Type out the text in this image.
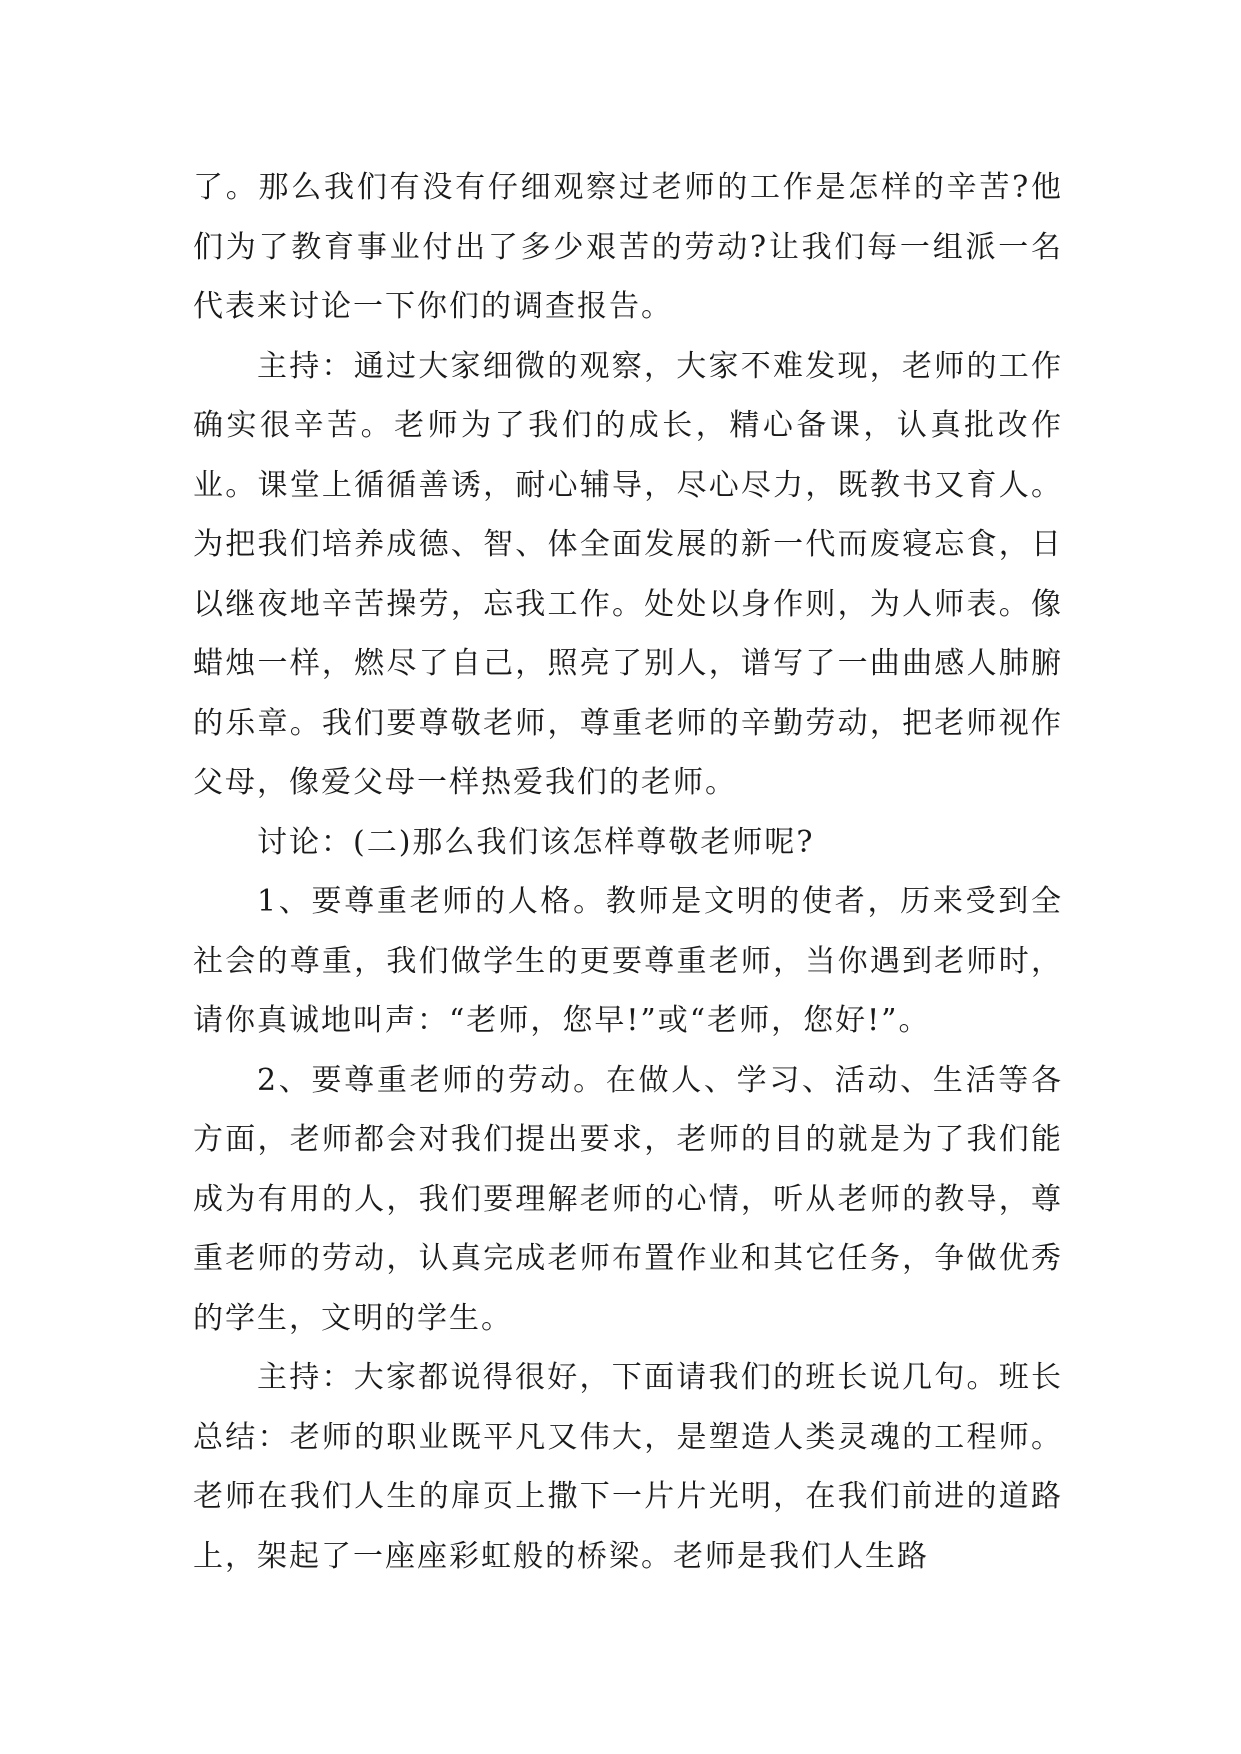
了。那么我们有没有仔细观察过老师的工作是怎样的辛苦?他们为了教育事业付出了多少艰苦的劳动?让我们每一组派一名代表来讨论一下你们的调查报告。

主持：通过大家细微的观察，大家不难发现，老师的工作确实很辛苦。老师为了我们的成长，精心备课，认真批改作业。课堂上循循善诱，耐心辅导，尽心尽力，既教书又育人。为把我们培养成德、智、体全面发展的新一代而废寝忘食，日以继夜地辛苦操劳，忘我工作。处处以身作则，为人师表。像蜡烛一样，燃尽了自己，照亮了别人，谱写了一曲曲感人肺腑的乐章。我们要尊敬老师，尊重老师的辛勤劳动，把老师视作父母，像爱父母一样热爱我们的老师。

讨论：(二)那么我们该怎样尊敬老师呢?

1、要尊重老师的人格。教师是文明的使者，历来受到全社会的尊重，我们做学生的更要尊重老师，当你遇到老师时，请你真诚地叫声：“老师，您早!”或“老师，您好!”。

2、要尊重老师的劳动。在做人、学习、活动、生活等各方面，老师都会对我们提出要求，老师的目的就是为了我们能成为有用的人，我们要理解老师的心情，听从老师的教导，尊重老师的劳动，认真完成老师布置作业和其它任务，争做优秀的学生，文明的学生。

主持：大家都说得很好，下面请我们的班长说几句。班长总结：老师的职业既平凡又伟大，是塑造人类灵魂的工程师。老师在我们人生的扉页上撒下一片片光明，在我们前进的道路上，架起了一座座彩虹般的桥梁。老师是我们人生路
